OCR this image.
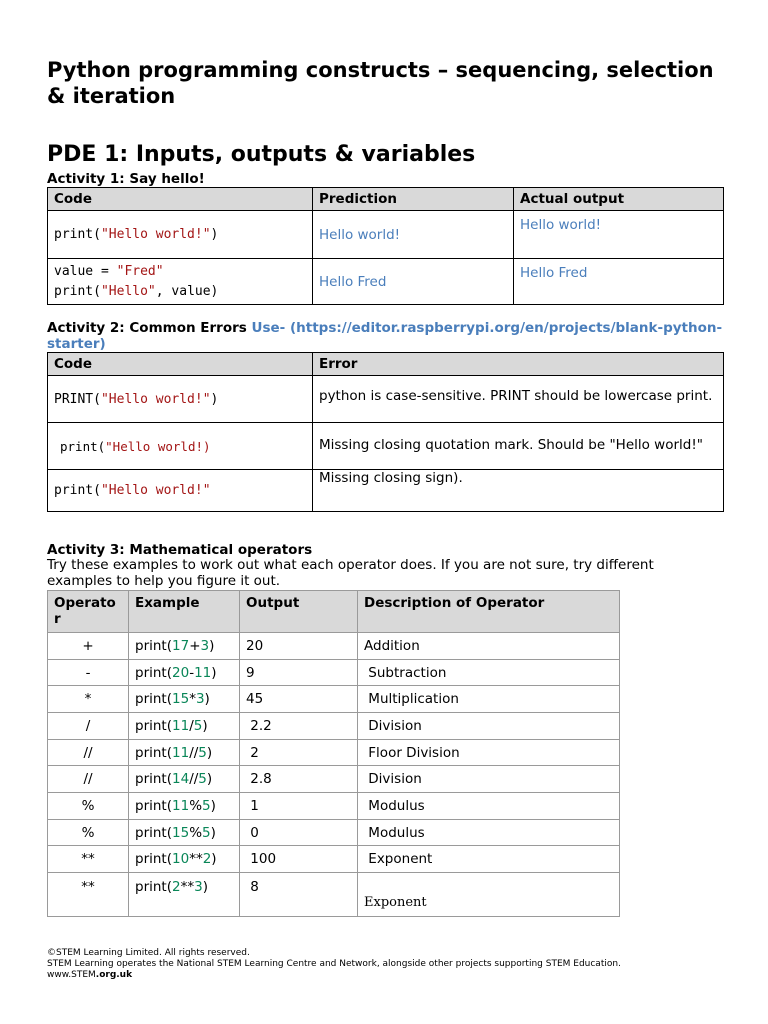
Python programming constructs – sequencing, selection & iteration
PDE 1: Inputs, outputs & variables
Activity 1: Say hello!
Code	Prediction	Actual output
print("Hello world!")	Hello world!	Hello world!

value = "Fred"
print("Hello", value)	Hello Fred	Hello Fred
Activity 2: Common Errors Use- (https://editor.raspberrypi.org/en/projects/blank-python-starter)
Code	Error
PRINT("Hello world!")	python is case-sensitive. PRINT should be lowercase print.
print("Hello world!)	Missing closing quotation mark. Should be "Hello world!"
print("Hello world!"	Missing closing sign).
Activity 3: Mathematical operators
Try these examples to work out what each operator does. If you are not sure, try different examples to help you figure it out.
Operator	Example	Output	Description of Operator
+	print(17+3)	20	Addition
-	print(20-11)	9	Subtraction
*	print(15*3)	45	Multiplication
/	print(11/5)	2.2	Division
//	print(11//5)	2	Floor Division
//	print(14//5)	2.8	Division
%	print(11%5)	1	Modulus
%	print(15%5)	0	Modulus
**	print(10**2)	100	Exponent
**	print(2**3)	8	Exponent
©STEM Learning Limited. All rights reserved.
STEM Learning operates the National STEM Learning Centre and Network, alongside other projects supporting STEM Education.
www.STEM.org.uk
